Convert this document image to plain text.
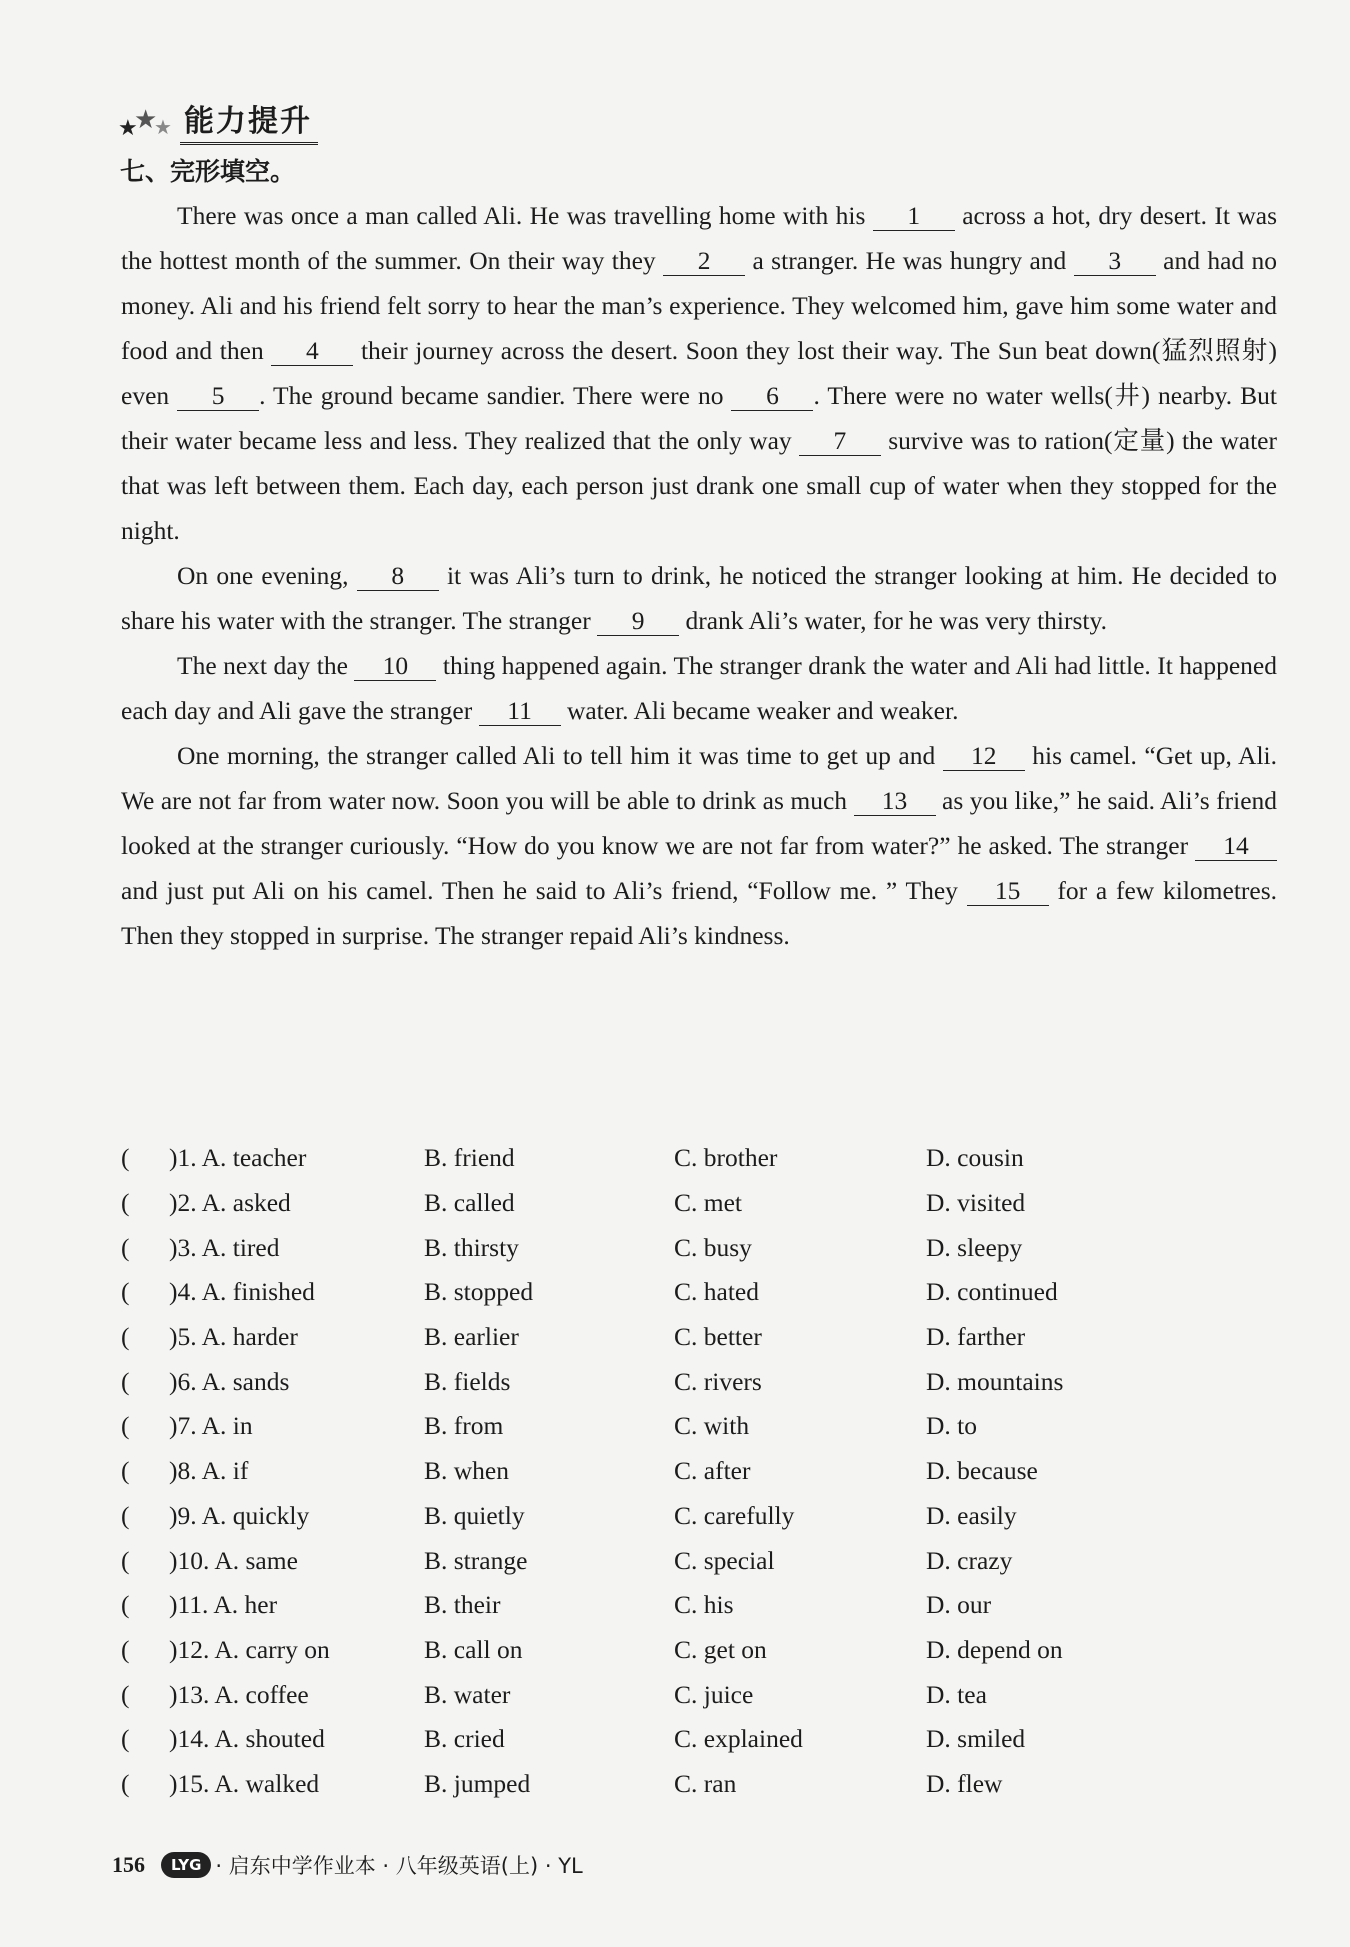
★
★
★ 能力提升
七、完形填空。

There was once a man called Ali. He was travelling home with his 1 across a hot, dry desert. It was the hottest month of the summer. On their way they 2 a stranger. He was hungry and 3 and had no money. Ali and his friend felt sorry to hear the man’s experience. They welcomed him, gave him some water and food and then 4 their journey across the desert. Soon they lost their way. The Sun beat down(猛烈照射) even 5 . The ground became sandier. There were no 6 . There were no water wells(井) nearby. But their water became less and less. They realized that the only way 7 survive was to ration(定量) the water that was left between them. Each day, each person just drank one small cup of water when they stopped for the night.

On one evening, 8 it was Ali’s turn to drink, he noticed the stranger looking at him. He decided to share his water with the stranger. The stranger 9 drank Ali’s water, for he was very thirsty.

The next day the 10 thing happened again. The stranger drank the water and Ali had little. It happened each day and Ali gave the stranger 11 water. Ali became weaker and weaker.

One morning, the stranger called Ali to tell him it was time to get up and 12 his camel. “Get up, Ali. We are not far from water now. Soon you will be able to drink as much 13 as you like,” he said. Ali’s friend looked at the stranger curiously. “How do you know we are not far from water?” he asked. The stranger 14 and just put Ali on his camel. Then he said to Ali’s friend, “Follow me. ” They 15 for a few kilometres. Then they stopped in surprise. The stranger repaid Ali’s kindness.

(	)1. A. teacher	B. friend	C. brother	D. cousin
(	)2. A. asked	B. called	C. met	D. visited
(	)3. A. tired	B. thirsty	C. busy	D. sleepy
(	)4. A. finished	B. stopped	C. hated	D. continued
(	)5. A. harder	B. earlier	C. better	D. farther
(	)6. A. sands	B. fields	C. rivers	D. mountains
(	)7. A. in	B. from	C. with	D. to
(	)8. A. if	B. when	C. after	D. because
(	)9. A. quickly	B. quietly	C. carefully	D. easily
(	)10. A. same	B. strange	C. special	D. crazy
(	)11. A. her	B. their	C. his	D. our
(	)12. A. carry on	B. call on	C. get on	D. depend on
(	)13. A. coffee	B. water	C. juice	D. tea
(	)14. A. shouted	B. cried	C. explained	D. smiled
(	)15. A. walked	B. jumped	C. ran	D. flew
156	LYG · 启东中学作业本 · 八年级英语(上) · YL
